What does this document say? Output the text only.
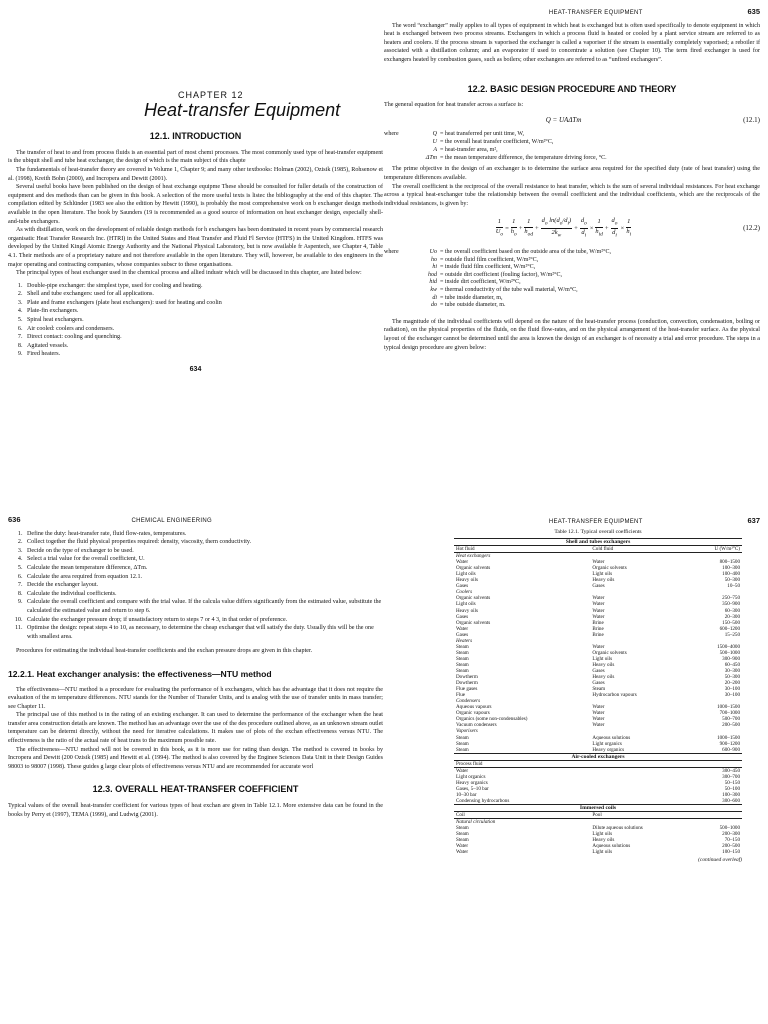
CHAPTER 12
Heat-transfer Equipment
12.1. INTRODUCTION

The transfer of heat to and from process fluids is an essential part of most chemi processes. The most commonly used type of heat-transfer equipment is the ubiquit shell and tube heat exchanger, the design of which is the main subject of this chapte

The fundamentals of heat-transfer theory are covered in Volume 1, Chapter 9; and many other textbooks: Holman (2002), Ozisik (1985), Rohsenow et al. (1998), Kreith Bohn (2000), and Incropera and Dewitt (2001).

Several useful books have been published on the design of heat exchange equipme These should be consulted for fuller details of the construction of equipment and des methods than can be given in this book. A selection of the more useful texts is listec the bibliography at the end of this chapter. The compilation edited by Schlünder (1983 see also the edition by Hewitt (1990), is probably the most comprehensive work on b exchanger design methods available in the open literature. The book by Saunders (19 is recommended as a good source of information on heat exchanger design, especially shell-and-tube exchangers.

As with distillation, work on the development of reliable design methods for h exchangers has been dominated in recent years by commercial research organisatic Heat Transfer Research Inc. (HTRI) in the United States and Heat Transfer and Fluid Fl Service (HTFS) in the United Kingdom. HTFS was developed by the United Kingd Atomic Energy Authority and the National Physical Laboratory, but is now available fr Aspentech, see Chapter 4, Table 4.1. Their methods are of a proprietary nature and not therefore available in the open literature. They will, however, be available to des engineers in the major operating and contracting companies, whose companies subscr to these organisations.

The principal types of heat exchanger used in the chemical process and allied industr which will be discussed in this chapter, are listed below:

1. Double-pipe exchanger: the simplest type, used for cooling and heating.
2. Shell and tube exchangers: used for all applications.
3. Plate and frame exchangers (plate heat exchangers): used for heating and coolin
4. Plate-fin exchangers.
5. Spiral heat exchangers.
6. Air cooled: coolers and condensers.
7. Direct contact: cooling and quenching.
8. Agitated vessels.
9. Fired heaters.
634
HEAT-TRANSFER EQUIPMENT	635

The word “exchanger” really applies to all types of equipment in which heat is exchanged but is often used specifically to denote equipment in which heat is exchanged between two process streams. Exchangers in which a process fluid is heated or cooled by a plant service stream are referred to as heaters and coolers. If the process stream is vaporised the exchanger is called a vaporiser if the stream is essentially completely vaporised; a reboiler if associated with a distillation column; and an evaporator if used to concentrate a solution (see Chapter 10). The term fired exchanger is used for exchangers heated by combustion gases, such as boilers; other exchangers are referred to as “unfired exchangers”.

12.2. BASIC DESIGN PROCEDURE AND THEORY

The general equation for heat transfer across a surface is:

Q = UAΔTm	(12.1)
where	Q = heat transferred per unit time, W,
U = the overall heat transfer coefficient, W/m²°C,
A = heat-transfer area, m²,
ΔTm = the mean temperature difference, the temperature driving force, °C.

The prime objective in the design of an exchanger is to determine the surface area required for the specified duty (rate of heat transfer) using the temperature differences available.

The overall coefficient is the reciprocal of the overall resistance to heat transfer, which is the sum of several individual resistances. For heat exchange across a typical heat-exchanger tube the relationship between the overall coefficient and the individual coefficients, which are the reciprocals of the individual resistances, is given by:

$\frac{1}{U_o} = \frac{1}{h_o}$ +
1
$h_{od}$
+ $\frac{d_o \ln(d_o/d_i)}{2k_w} + \frac{d_o}{d_i}$ ×
1
$h_{id}$
+ $\frac{d_o}{d_i} \times \frac{1}{h_i}$	(12.2)
where	Uo = the overall coefficient based on the outside area of the tube, W/m²°C,
ho = outside fluid film coefficient, W/m²°C,
hi = inside fluid film coefficient, W/m²°C,
hod = outside dirt coefficient (fouling factor), W/m²°C,
hid = inside dirt coefficient, W/m²°C,
kw = thermal conductivity of the tube wall material, W/m°C,
di = tube inside diameter, m,
do = tube outside diameter, m.

The magnitude of the individual coefficients will depend on the nature of the heat-transfer process (conduction, convection, condensation, boiling or radiation), on the physical properties of the fluids, on the fluid flow-rates, and on the physical arrangement of the heat-transfer surface. As the physical layout of the exchanger cannot be determined until the area is known the design of an exchanger is of necessity a trial and error procedure. The steps in a typical design procedure are given below:

636	CHEMICAL ENGINEERING
1. Define the duty: heat-transfer rate, fluid flow-rates, temperatures.
2. Collect together the fluid physical properties required: density, viscosity, thern conductivity.
3. Decide on the type of exchanger to be used.
4. Select a trial value for the overall coefficient, U.
5. Calculate the mean temperature difference, ΔTm.
6. Calculate the area required from equation 12.1.
7. Decide the exchanger layout.
8. Calculate the individual coefficients.
9. Calculate the overall coefficient and compare with the trial value. If the calcula value differs significantly from the estimated value, substitute the calculated the estimated value and return to step 6.
10. Calculate the exchanger pressure drop; if unsatisfactory return to steps 7 or 4 3, in that order of preference.
11. Optimise the design: repeat steps 4 to 10, as necessary, to determine the cheap exchanger that will satisfy the duty. Usually this will be the one with smallest area.

Procedures for estimating the individual heat-transfer coefficients and the exchan pressure drops are given in this chapter.

12.2.1. Heat exchanger analysis: the effectiveness—NTU method

The effectiveness—NTU method is a procedure for evaluating the performance of h exchangers, which has the advantage that it does not require the evaluation of the m temperature differences. NTU stands for the Number of Transfer Units, and is analog with the use of transfer units in mass transfer; see Chapter 11.

The principal use of this method is in the rating of an existing exchanger. It can used to determine the performance of the exchanger when the heat transfer area construction details are known. The method has an advantage over the use of the des procedure outlined above, as an unknown stream outlet temperature can be determi directly, without the need for iterative calculations. It makes use of plots of the exchan effectiveness versus NTU. The effectiveness is the ratio of the actual rate of heat trans to the maximum possible rate.

The effectiveness—NTU method will not be covered in this book, as it is more use for rating than design. The method is covered in books by Incropera and Dewitt (200 Ozisik (1985) and Hewitt et al. (1994). The method is also covered by the Enginee Sciences Data Unit in their Design Guides 98003 to 98007 (1998). These guides g large clear plots of effectiveness versus NTU and are recommended for accurate worl

12.3. OVERALL HEAT-TRANSFER COEFFICIENT

Typical values of the overall heat-transfer coefficient for various types of heat exchan are given in Table 12.1. More extensive data can be found in the books by Perry et (1997), TEMA (1999), and Ludwig (2001).

HEAT-TRANSFER EQUIPMENT	637
Table 12.1. Typical overall coefficients
Shell and tubes exchangers		
Hot fluid	Cold fluid	U (W/m²°C)
Heat exchangers		
Water	Water	800–1500
Organic solvents	Organic solvents	100–300
Light oils	Light oils	100–400
Heavy oils	Heavy oils	50–300
Gases	Gases	10–50
Coolers		
Organic solvents	Water	250–750
Light oils	Water	350–900
Heavy oils	Water	60–300
Gases	Water	20–300
Organic solvents	Brine	150–500
Water	Brine	600–1200
Gases	Brine	15–250
Heaters		
Steam	Water	1500–4000
Steam	Organic solvents	500–1000
Steam	Light oils	300–900
Steam	Heavy oils	60–450
Steam	Gases	30–300
Dowtherm	Heavy oils	50–300
Dowtherm	Gases	20–200
Flue gases	Steam	30–100
Flue	Hydrocarbon vapours	30–100
Condensers		
Aqueous vapours	Water	1000–1500
Organic vapours	Water	700–1000
Organics (some non-condensables)	Water	500–700
Vacuum condensers	Water	200–500
Vaporisers		
Steam	Aqueous solutions	1000–1500
Steam	Light organics	900–1200
Steam	Heavy organics	600–900
Air-cooled exchangers		
Process fluid		
Water		300–450
Light organics		300–700
Heavy organics		50–150
Gases, 5–10 bar		50–100
10–30 bar		100–300
Condensing hydrocarbons		300–600
Immersed coils		
Coil	Pool	
Natural circulation		
Steam	Dilute aqueous solutions	500–1000
Steam	Light oils	200–300
Steam	Heavy oils	70–150
Water	Aqueous solutions	200–500
Water	Light oils	100–150
(continued overleaf)
